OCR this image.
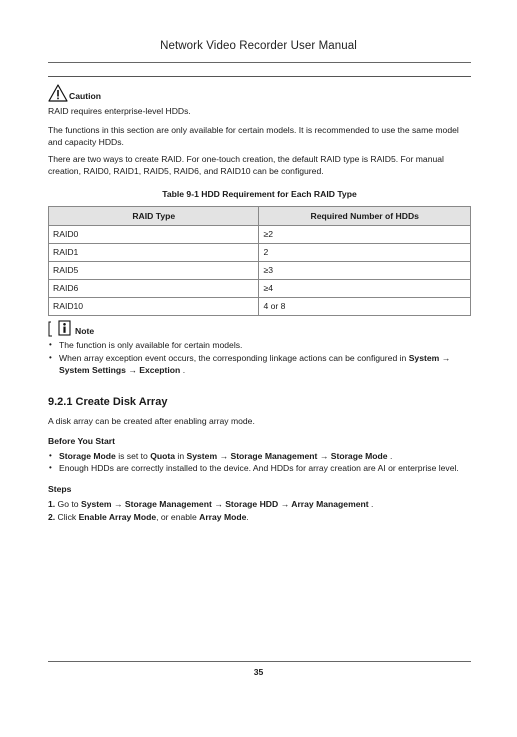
Network Video Recorder User Manual
Caution

RAID requires enterprise-level HDDs.

The functions in this section are only available for certain models. It is recommended to use the same model and capacity HDDs.

There are two ways to create RAID. For one-touch creation, the default RAID type is RAID5. For manual creation, RAID0, RAID1, RAID5, RAID6, and RAID10 can be configured.

Table 9-1 HDD Requirement for Each RAID Type
RAID Type	Required Number of HDDs
RAID0	≥2
RAID1	2
RAID5	≥3
RAID6	≥4
RAID10	4 or 8
Note
• The function is only available for certain models.
• When array exception event occurs, the corresponding linkage actions can be configured in System → System Settings → Exception .
9.2.1 Create Disk Array

A disk array can be created after enabling array mode.

Before You Start
• Storage Mode is set to Quota in System → Storage Management → Storage Mode .
• Enough HDDs are correctly installed to the device. And HDDs for array creation are AI or enterprise level.
Steps
1. Go to System → Storage Management → Storage HDD → Array Management .
2. Click Enable Array Mode, or enable Array Mode.
35
